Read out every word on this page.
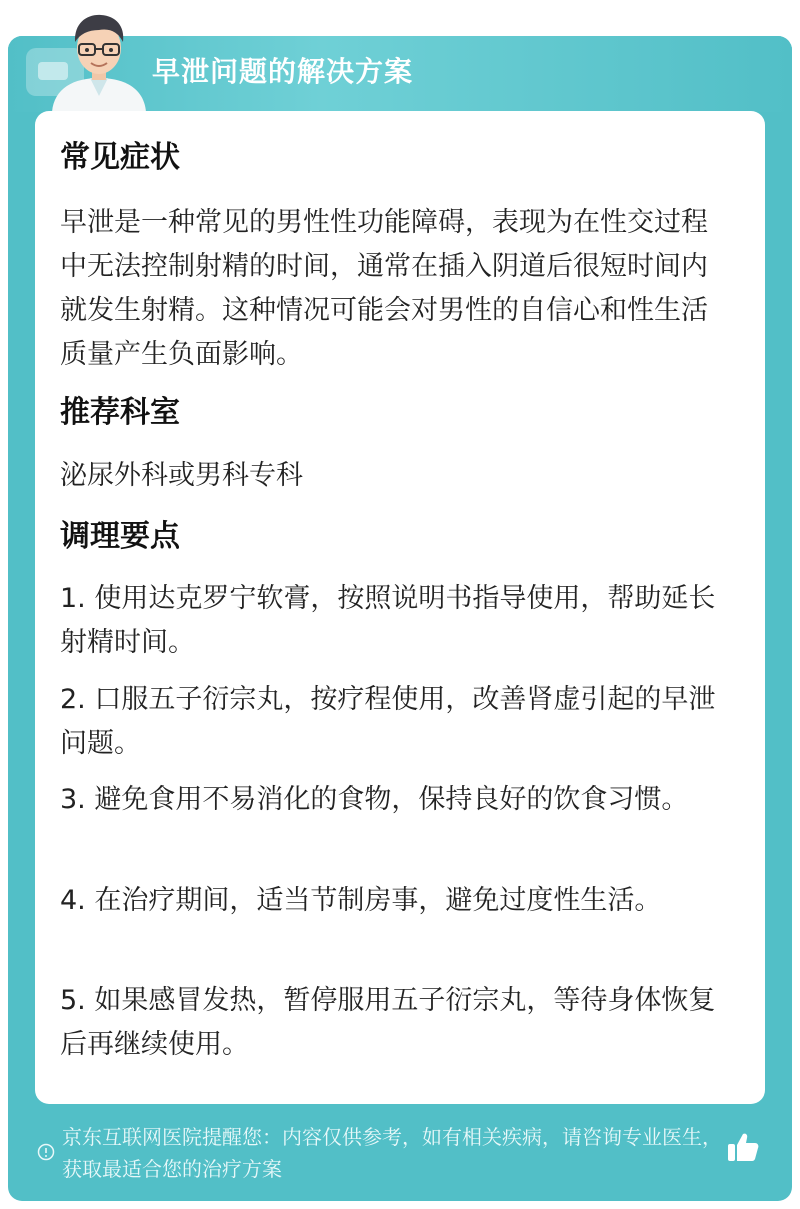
早泄问题的解决方案
常见症状
早泄是一种常见的男性性功能障碍，表现为在性交过程中无法控制射精的时间，通常在插入阴道后很短时间内就发生射精。这种情况可能会对男性的自信心和性生活质量产生负面影响。
推荐科室
泌尿外科或男科专科
调理要点
1. 使用达克罗宁软膏，按照说明书指导使用，帮助延长射精时间。
2. 口服五子衍宗丸，按疗程使用，改善肾虚引起的早泄问题。
3. 避免食用不易消化的食物，保持良好的饮食习惯。
4. 在治疗期间，适当节制房事，避免过度性生活。
5. 如果感冒发热，暂停服用五子衍宗丸，等待身体恢复后再继续使用。
京东互联网医院提醒您：内容仅供参考，如有相关疾病，请咨询专业医生，获取最适合您的治疗方案
